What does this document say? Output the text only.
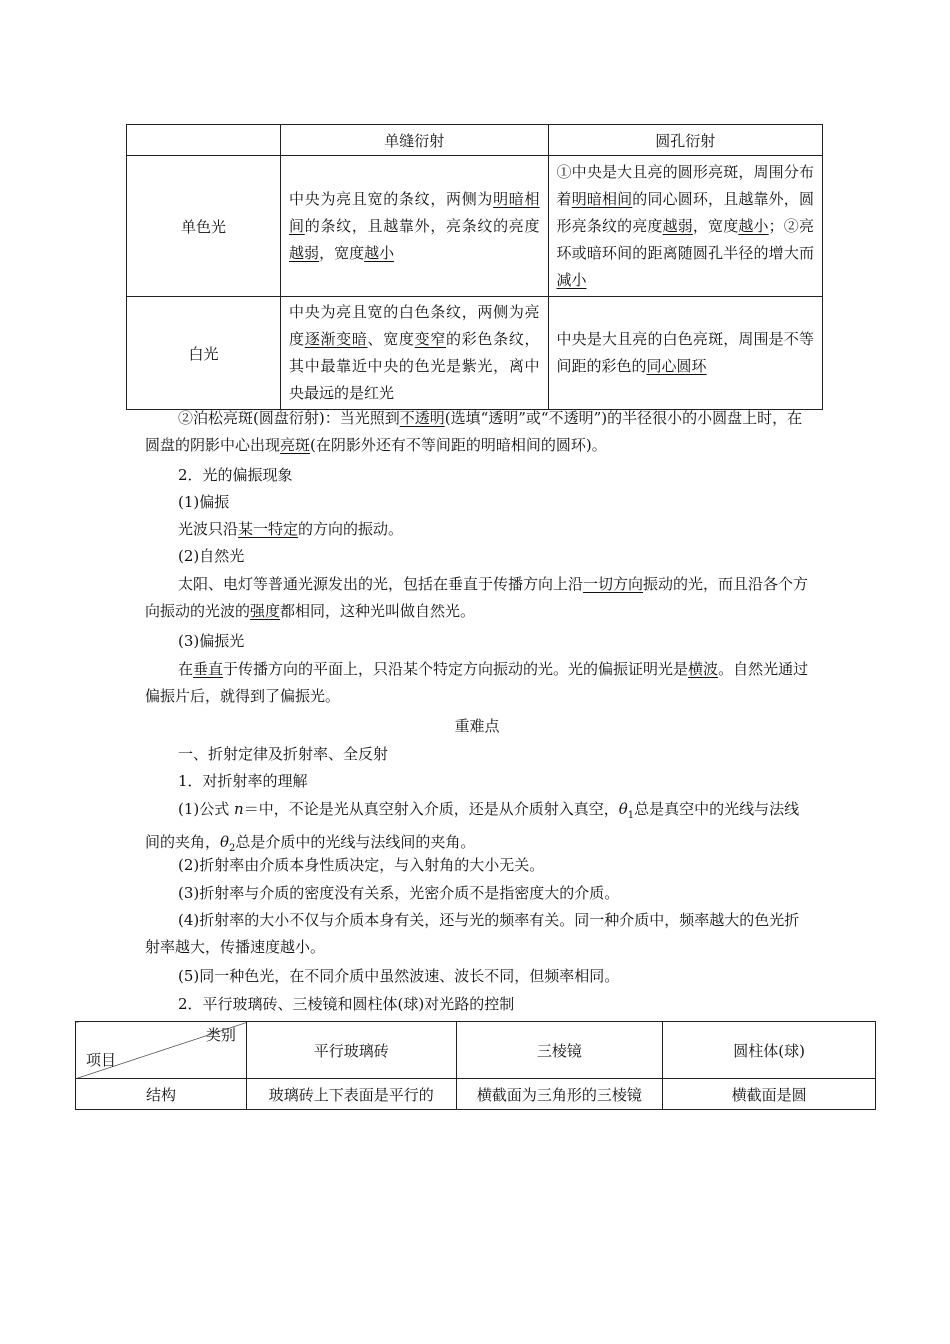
	单缝衍射	圆孔衍射
单色光	中央为亮且宽的条纹，两侧为明暗相间的条纹，且越靠外，亮条纹的亮度越弱，宽度越小	①中央是大且亮的圆形亮斑，周围分布着明暗相间的同心圆环，且越靠外，圆形亮条纹的亮度越弱，宽度越小；②亮环或暗环间的距离随圆孔半径的增大而减小

白光	中央为亮且宽的白色条纹，两侧为亮度逐渐变暗、宽度变窄的彩色条纹，其中最靠近中央的色光是紫光，离中央最远的是红光	中央是大且亮的白色亮斑，周围是不等间距的彩色的同心圆环
②泊松亮斑(圆盘衍射)：当光照到不透明(选填“透明”或“不透明”)的半径很小的小圆盘上时，在圆盘的阴影中心出现亮斑(在阴影外还有不等间距的明暗相间的圆环)。
2．光的偏振现象
(1)偏振
光波只沿某一特定的方向的振动。
(2)自然光
太阳、电灯等普通光源发出的光，包括在垂直于传播方向上沿一切方向振动的光，而且沿各个方向振动的光波的强度都相同，这种光叫做自然光。
(3)偏振光
在垂直于传播方向的平面上，只沿某个特定方向振动的光。光的偏振证明光是横波。自然光通过偏振片后，就得到了偏振光。
重难点
一、折射定律及折射率、全反射
1．对折射率的理解
(1)公式 n＝中，不论是光从真空射入介质，还是从介质射入真空，$\theta_1$总是真空中的光线与法线间的夹角，$\theta_2$总是介质中的光线与法线间的夹角。
(2)折射率由介质本身性质决定，与入射角的大小无关。
(3)折射率与介质的密度没有关系，光密介质不是指密度大的介质。
(4)折射率的大小不仅与介质本身有关，还与光的频率有关。同一种介质中，频率越大的色光折射率越大，传播速度越小。
(5)同一种色光，在不同介质中虽然波速、波长不同，但频率相同。
2．平行玻璃砖、三棱镜和圆柱体(球)对光路的控制
类别
项目	平行玻璃砖	三棱镜	圆柱体(球)
结构	玻璃砖上下表面是平行的	横截面为三角形的三棱镜	横截面是圆
